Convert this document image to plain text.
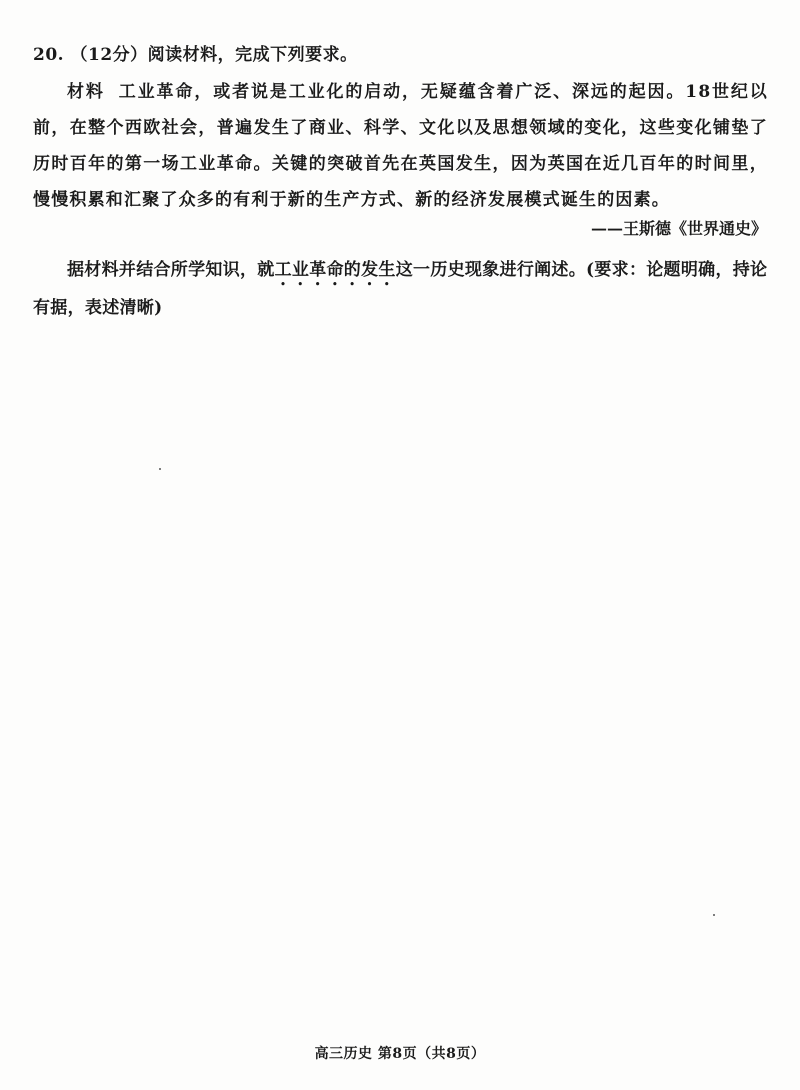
20. （12分）阅读材料，完成下列要求。
材料 工业革命，或者说是工业化的启动，无疑蕴含着广泛、深远的起因。18世纪以前，在整个西欧社会，普遍发生了商业、科学、文化以及思想领域的变化，这些变化铺垫了历时百年的第一场工业革命。关键的突破首先在英国发生，因为英国在近几百年的时间里，慢慢积累和汇聚了众多的有利于新的生产方式、新的经济发展模式诞生的因素。
——王斯德《世界通史》
据材料并结合所学知识，就工业革命的发生这一历史现象进行阐述。(要求：论题明确，持论有据，表述清晰)
高三历史 第8页（共8页）
